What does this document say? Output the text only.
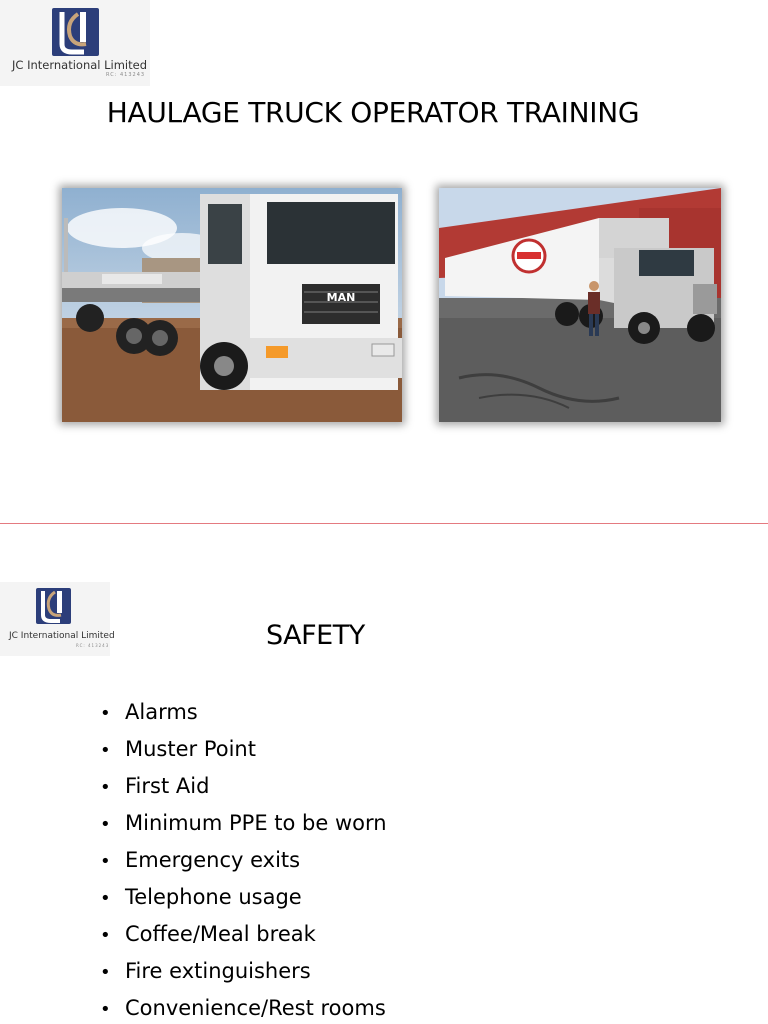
JC International Limited
RC: 413243
HAULAGE TRUCK OPERATOR TRAINING
MAN
JC International Limited
RC: 413243	SAFETY
• Alarms
• Muster Point
• First Aid
• Minimum PPE to be worn
• Emergency exits
• Telephone usage
• Coffee/Meal break
• Fire extinguishers
• Convenience/Rest rooms
